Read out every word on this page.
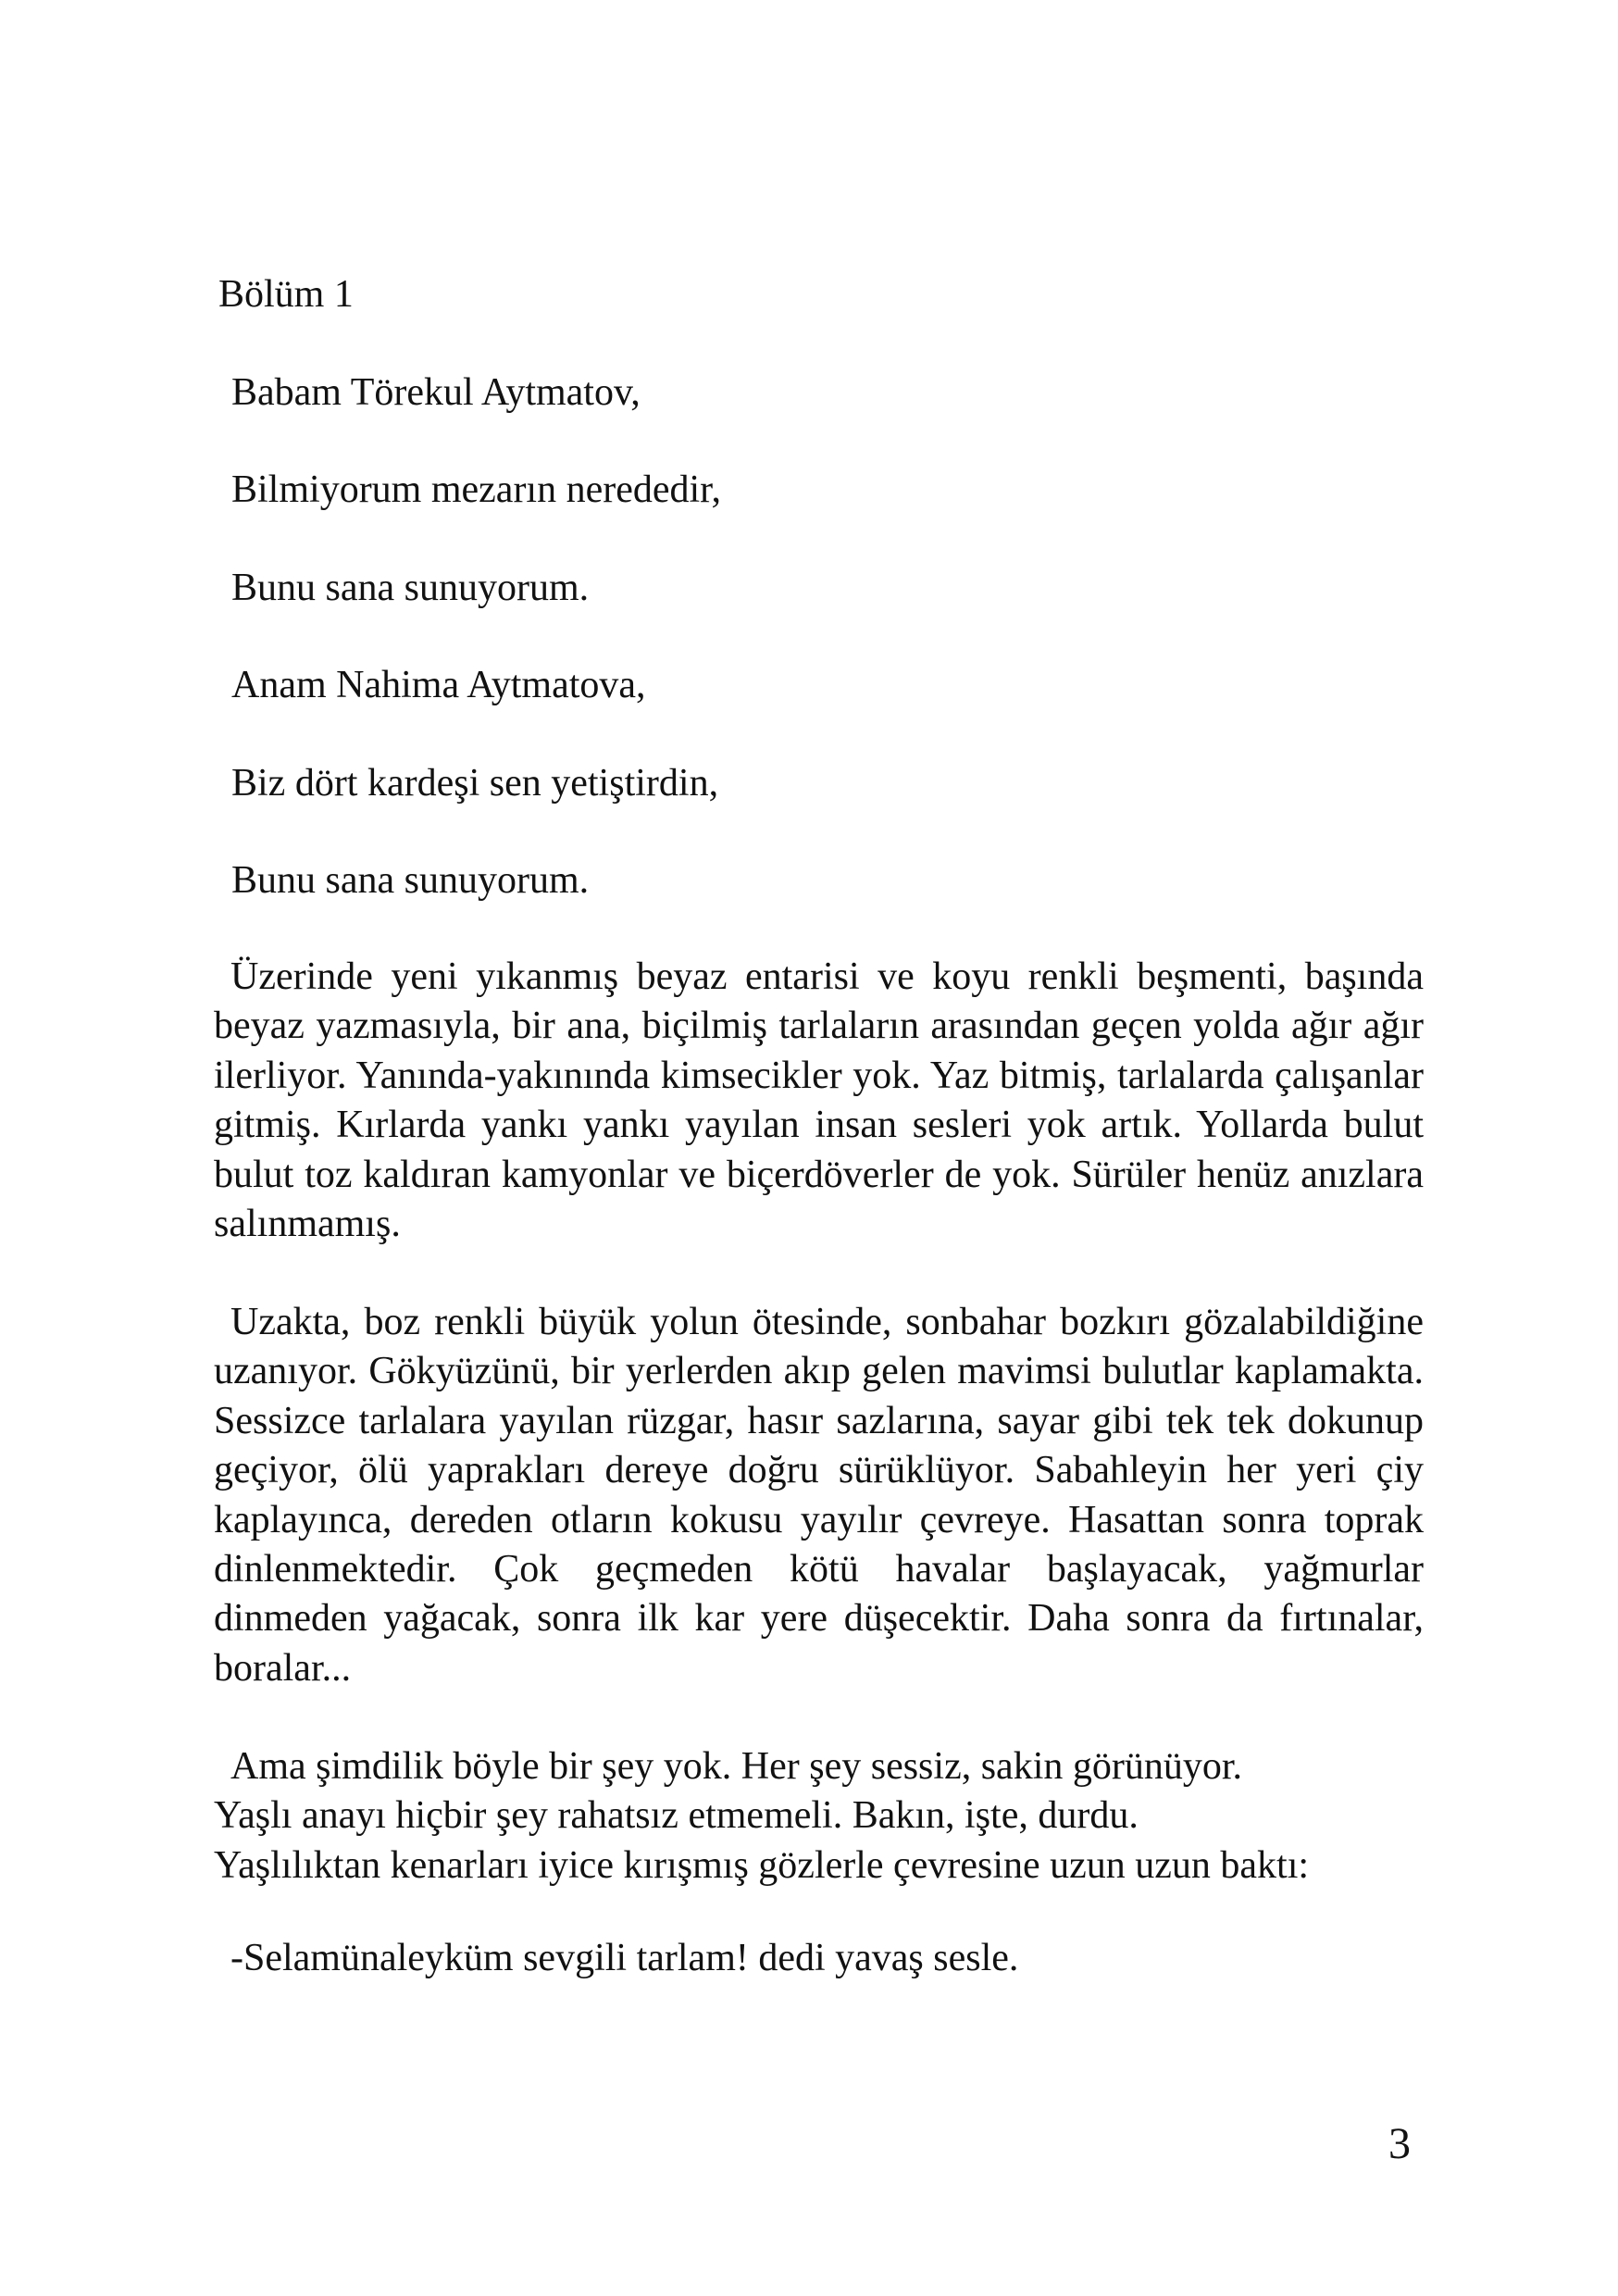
Bölüm 1
Babam Törekul Aytmatov,
Bilmiyorum mezarın nerededir,
Bunu sana sunuyorum.
Anam Nahima Aytmatova,
Biz dört kardeşi sen yetiştirdin,
Bunu sana sunuyorum.

Üzerinde yeni yıkanmış beyaz entarisi ve koyu renkli beşmenti, başında beyaz yazmasıyla, bir ana, biçilmiş tarlaların arasından geçen yolda ağır ağır ilerliyor. Yanında-yakınında kimsecikler yok. Yaz bitmiş, tarlalarda çalışanlar gitmiş. Kırlarda yankı yankı yayılan insan sesleri yok artık. Yollarda bulut bulut toz kaldıran kamyonlar ve biçerdöverler de yok. Sürüler henüz anızlara salınmamış.

Uzakta, boz renkli büyük yolun ötesinde, sonbahar bozkırı gözalabildiğine uzanıyor. Gökyüzünü, bir yerlerden akıp gelen mavimsi bulutlar kaplamakta. Sessizce tarlalara yayılan rüzgar, hasır sazlarına, sayar gibi tek tek dokunup geçiyor, ölü yaprakları dereye doğru sürüklüyor. Sabahleyin her yeri çiy kaplayınca, dereden otların kokusu yayılır çevreye. Hasattan sonra toprak dinlenmektedir. Çok geçmeden kötü havalar başlayacak, yağmurlar dinmeden yağacak, sonra ilk kar yere düşecektir. Daha sonra da fırtınalar, boralar...

Ama şimdilik böyle bir şey yok. Her şey sessiz, sakin görünüyor.
Yaşlı anayı hiçbir şey rahatsız etmemeli. Bakın, işte, durdu.
Yaşlılıktan kenarları iyice kırışmış gözlerle çevresine uzun uzun baktı:
-Selamünaleyküm sevgili tarlam! dedi yavaş sesle.
3
